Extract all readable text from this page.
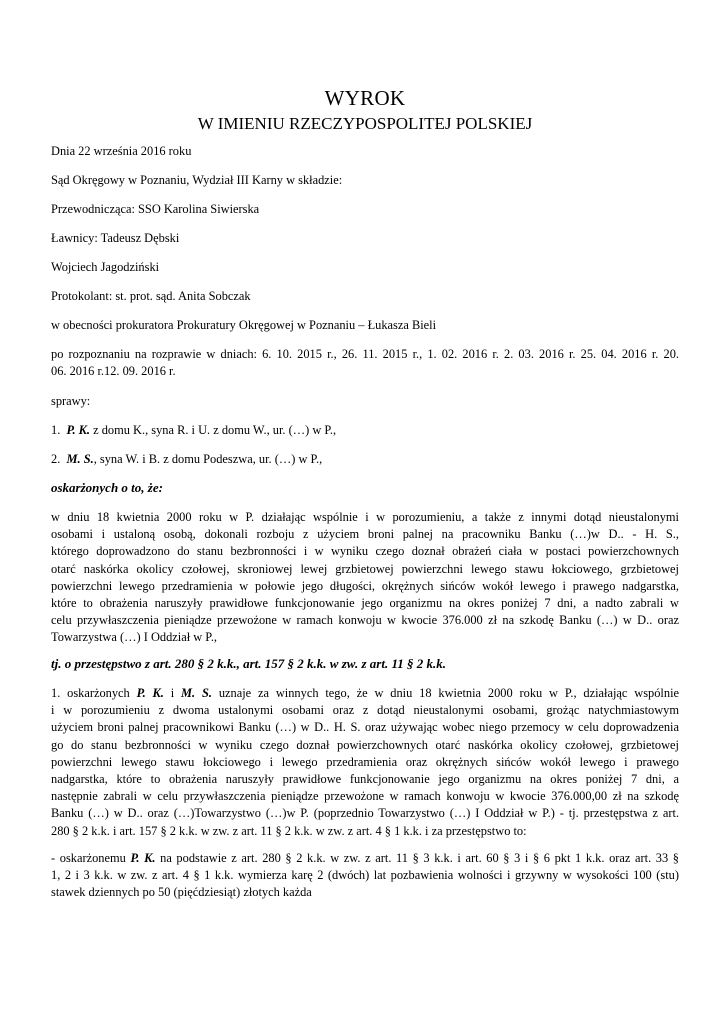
WYROK
W IMIENIU RZECZYPOSPOLITEJ POLSKIEJ
Dnia 22 września 2016 roku
Sąd Okręgowy w Poznaniu, Wydział III Karny w składzie:
Przewodnicząca: SSO Karolina Siwierska
Ławnicy: Tadeusz Dębski
Wojciech Jagodziński
Protokolant: st. prot. sąd. Anita Sobczak
w obecności prokuratora Prokuratury Okręgowej w Poznaniu – Łukasza Bieli
po rozpoznaniu na rozprawie w dniach: 6. 10. 2015 r., 26. 11. 2015 r., 1. 02. 2016 r. 2. 03. 2016 r. 25. 04. 2016 r. 20.
06. 2016 r.12. 09. 2016 r.
sprawy:
1. P. K. z domu K., syna R. i U. z domu W., ur. (…) w P.,
2. M. S., syna W. i B. z domu Podeszwa, ur. (…) w P.,
oskarżonych o to, że:
w dniu 18 kwietnia 2000 roku w P. działając wspólnie i w porozumieniu, a także z innymi dotąd nieustalonymi
osobami i ustaloną osobą, dokonali rozboju z użyciem broni palnej na pracowniku Banku (…)w D.. - H. S.,
którego doprowadzono do stanu bezbronności i w wyniku czego doznał obrażeń ciała w postaci powierzchownych
otarć naskórka okolicy czołowej, skroniowej lewej grzbietowej powierzchni lewego stawu łokciowego, grzbietowej
powierzchni lewego przedramienia w połowie jego długości, okrężnych sińców wokół lewego i prawego nadgarstka,
które to obrażenia naruszyły prawidłowe funkcjonowanie jego organizmu na okres poniżej 7 dni, a nadto zabrali w
celu przywłaszczenia pieniądze przewożone w ramach konwoju w kwocie 376.000 zł na szkodę Banku (…) w D.. oraz
Towarzystwa (…) I Oddział w P.,
tj. o przestępstwo z art. 280 § 2 k.k., art. 157 § 2 k.k. w zw. z art. 11 § 2 k.k.
1. oskarżonych P. K. i M. S. uznaje za winnych tego, że w dniu 18 kwietnia 2000 roku w P., działając wspólnie
i w porozumieniu z dwoma ustalonymi osobami oraz z dotąd nieustalonymi osobami, grożąc natychmiastowym
użyciem broni palnej pracownikowi Banku (…) w D.. H. S. oraz używając wobec niego przemocy w celu doprowadzenia
go do stanu bezbronności w wyniku czego doznał powierzchownych otarć naskórka okolicy czołowej, grzbietowej
powierzchni lewego stawu łokciowego i lewego przedramienia oraz okrężnych sińców wokół lewego i prawego
nadgarstka, które to obrażenia naruszyły prawidłowe funkcjonowanie jego organizmu na okres poniżej 7 dni, a
następnie zabrali w celu przywłaszczenia pieniądze przewożone w ramach konwoju w kwocie 376.000,00 zł na szkodę
Banku (…) w D.. oraz (…)Towarzystwo (…)w P. (poprzednio Towarzystwo (…) I Oddział w P.) - tj. przestępstwa z art.
280 § 2 k.k. i art. 157 § 2 k.k. w zw. z art. 11 § 2 k.k. w zw. z art. 4 § 1 k.k. i za przestępstwo to:
- oskarżonemu P. K. na podstawie z art. 280 § 2 k.k. w zw. z art. 11 § 3 k.k. i art. 60 § 3 i § 6 pkt 1 k.k. oraz art. 33 §
1, 2 i 3 k.k. w zw. z art. 4 § 1 k.k. wymierza karę 2 (dwóch) lat pozbawienia wolności i grzywny w wysokości 100 (stu)
stawek dziennych po 50 (pięćdziesiąt) złotych każda
